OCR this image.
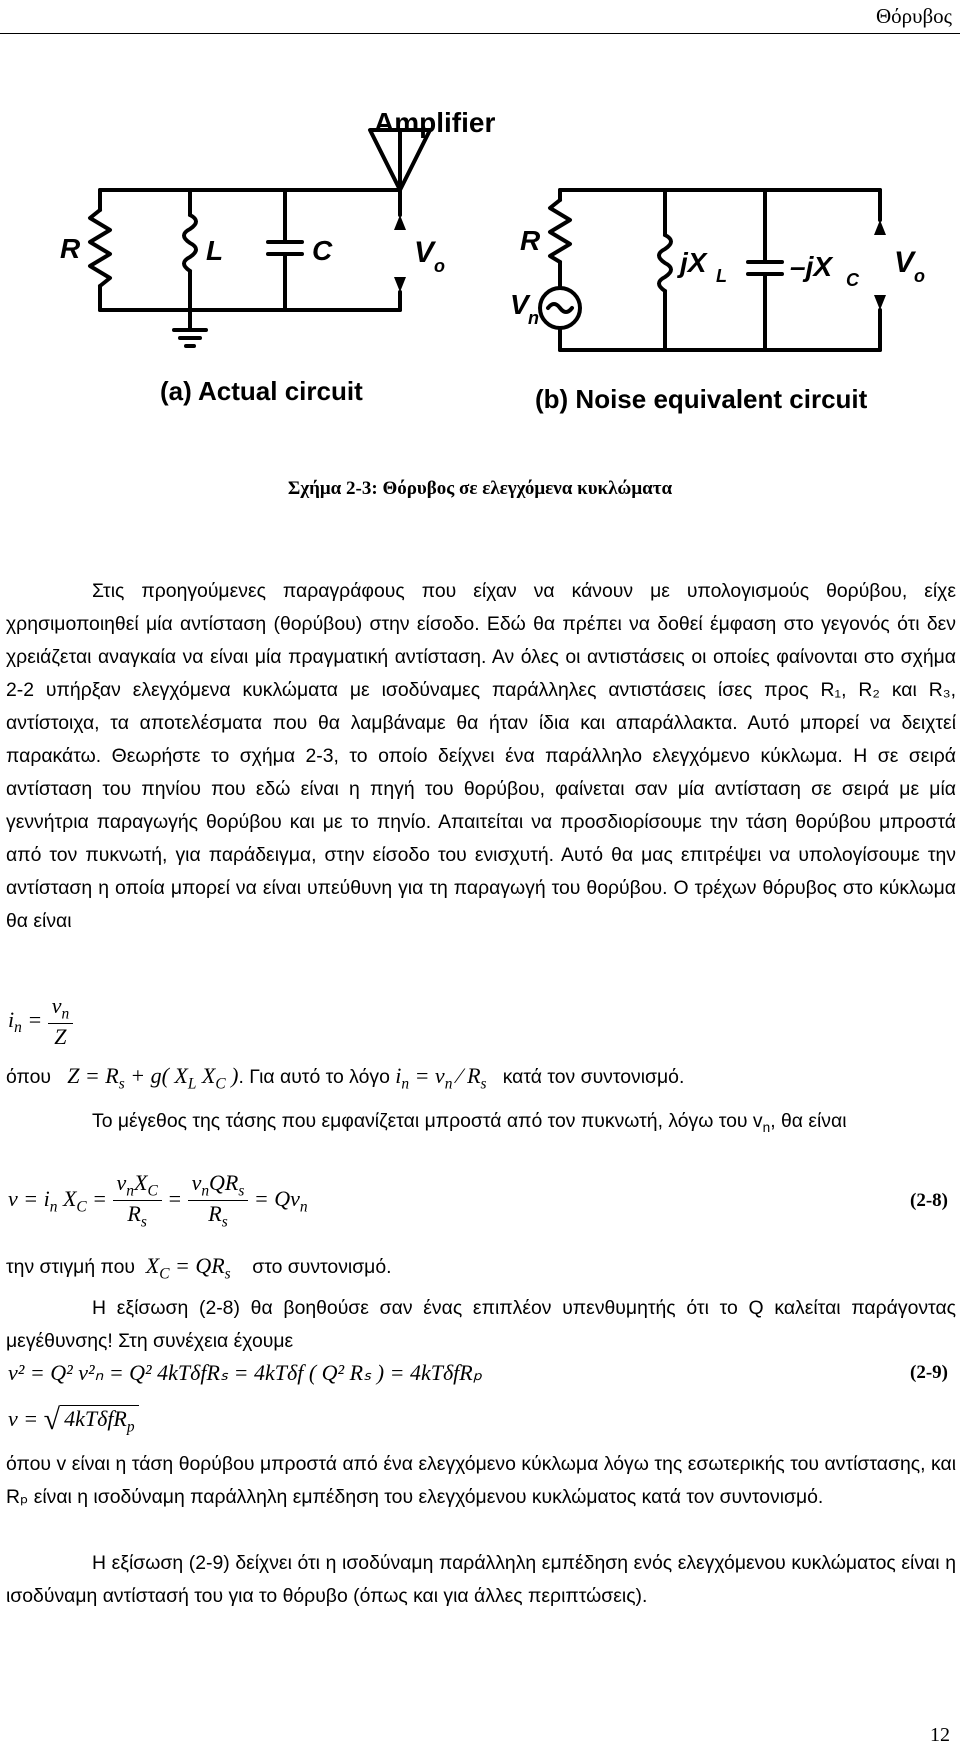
Θόρυβος
Amplifier
R	L	C	V o
R
V n
jX L –jX C
V o
(a) Actual circuit	(b) Noise equivalent circuit
Σχήμα 2-3: Θόρυβος σε ελεγχόμενα κυκλώματα
Στις προηγούμενες παραγράφους που είχαν να κάνουν με υπολογισμούς θορύβου, είχε χρησιμοποιηθεί μία αντίσταση (θορύβου) στην είσοδο. Εδώ θα πρέπει να δοθεί έμφαση στο γεγονός ότι δεν χρειάζεται αναγκαία να είναι μία πραγματική αντίσταση. Αν όλες οι αντιστάσεις οι οποίες φαίνονται στο σχήμα 2-2 υπήρξαν ελεγχόμενα κυκλώματα με ισοδύναμες παράλληλες αντιστάσεις ίσες προς R₁, R₂ και R₃, αντίστοιχα, τα αποτελέσματα που θα λαμβάναμε θα ήταν ίδια και απαράλλακτα. Αυτό μπορεί να δειχτεί παρακάτω. Θεωρήστε το σχήμα 2-3, το οποίο δείχνει ένα παράλληλο ελεγχόμενο κύκλωμα. Η σε σειρά αντίσταση του πηνίου που εδώ είναι η πηγή του θορύβου, φαίνεται σαν μία αντίσταση σε σειρά με μία γεννήτρια παραγωγής θορύβου και με το πηνίο. Απαιτείται να προσδιορίσουμε την τάση θορύβου μπροστά από τον πυκνωτή, για παράδειγμα, στην είσοδο του ενισχυτή. Αυτό θα μας επιτρέψει να υπολογίσουμε την αντίσταση η οποία μπορεί να είναι υπεύθυνη για τη παραγωγή του θορύβου. Ο τρέχων θόρυβος στο κύκλωμα θα είναι
$i_n = \frac{v_n}{Z}$
όπου $Z = R_s + g$( $X_L$ $X_C$ ). Για αυτό το λόγο $i_n = v_n$ ⁄ $R_s$ κατά τον συντονισμό.
Το μέγεθος της τάσης που εμφανίζεται μπροστά από τον πυκνωτή, λόγω του $v_n$, θα είναι
$v = i_n$ $X_C = \frac{v_nX_C}{R_s} = \frac{v_nQR_s}{R_s} = Qv_n$	(2-8)
την στιγμή που $X_C = QR_s$ στο συντονισμό.
Η εξίσωση (2-8) θα βοηθούσε σαν ένας επιπλέον υπενθυμητής ότι το Q καλείται παράγοντας μεγέθυνσης! Στη συνέχεια έχουμε
v² = Q² v²ₙ = Q² 4kTδfRₛ = 4kTδf ( Q² Rₛ ) = 4kTδfRₚ	(2-9)
v = √ 4kTδfR$_p$
όπου v είναι η τάση θορύβου μπροστά από ένα ελεγχόμενο κύκλωμα λόγω της εσωτερικής του αντίστασης, και Rₚ είναι η ισοδύναμη παράλληλη εμπέδηση του ελεγχόμενου κυκλώματος κατά τον συντονισμό.
Η εξίσωση (2-9) δείχνει ότι η ισοδύναμη παράλληλη εμπέδηση ενός ελεγχόμενου κυκλώματος είναι η ισοδύναμη αντίστασή του για το θόρυβο (όπως και για άλλες περιπτώσεις).
12
